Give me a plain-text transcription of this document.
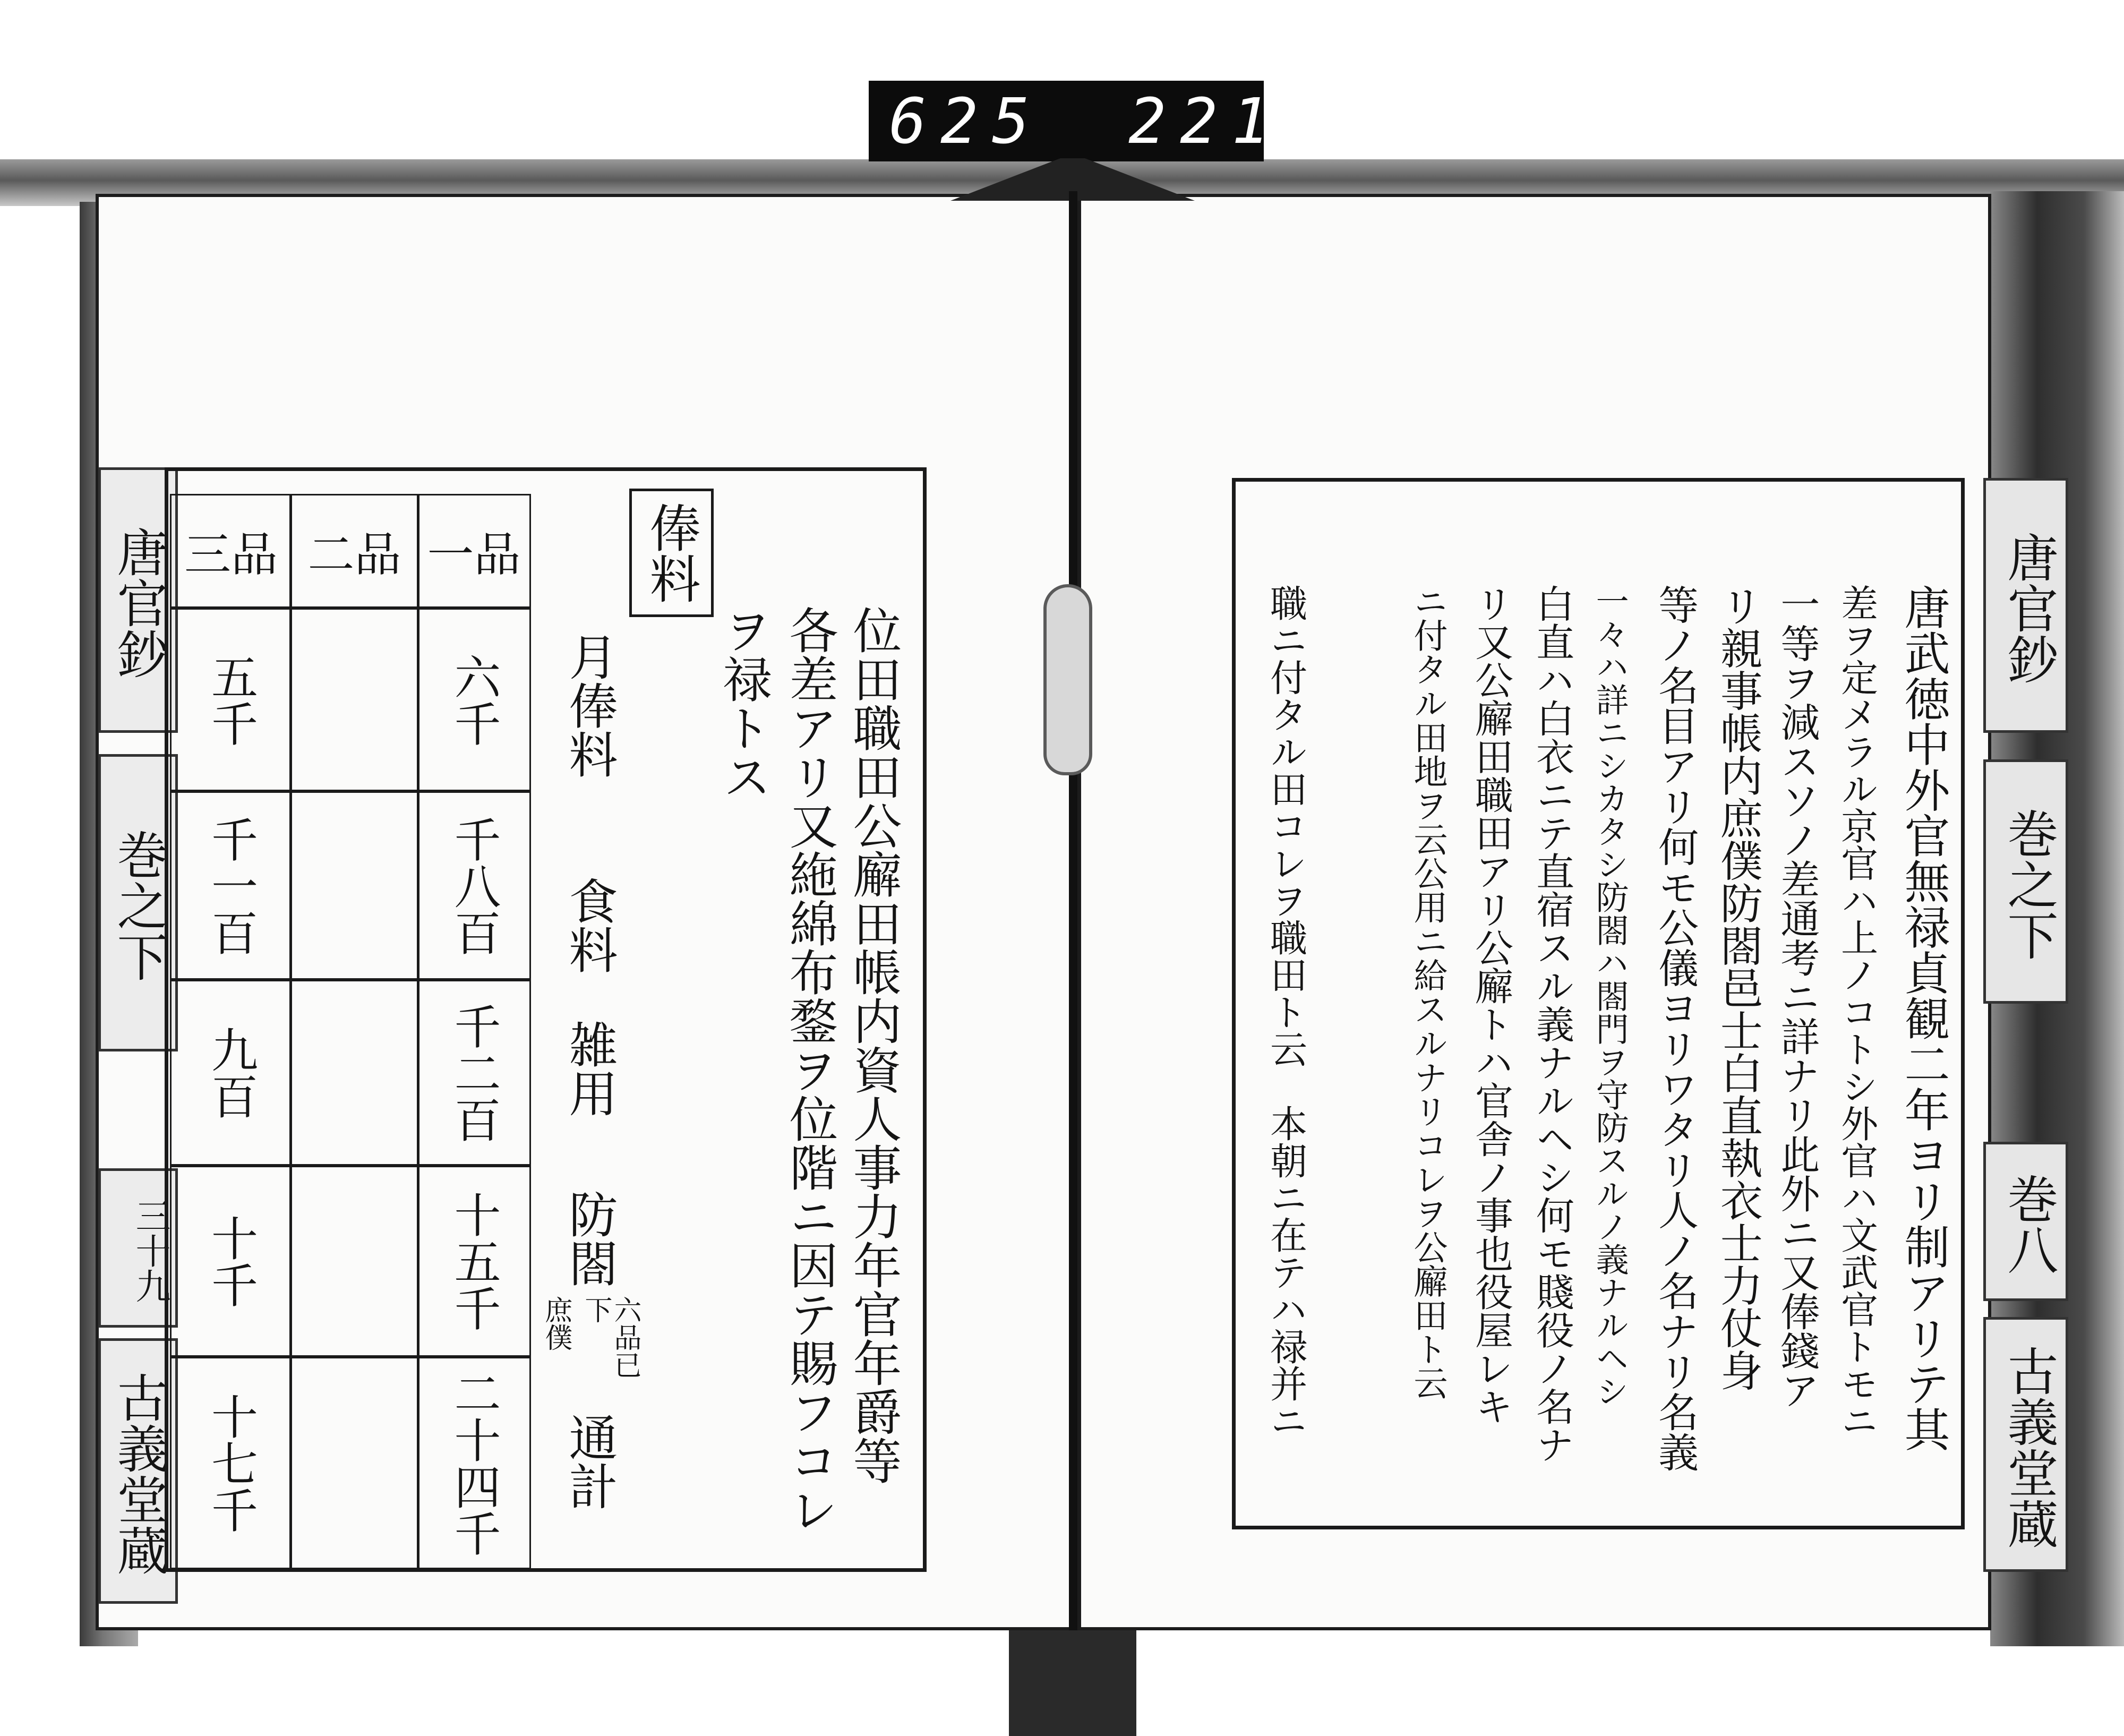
625 221
唐官鈔
巻之下
三十九
古義堂蔵
唐官鈔
巻之下
巻八
古義堂蔵
一品
二品
三品
六千
千八百
千二百
十五千
二十四千
五千
千一百
九百
十千
十七千
俸料
位田職田公廨田帳内資人事力年官年爵等
各差アリ又絁綿布鍪ヲ位階ニ因テ賜フコレ
ヲ禄トス
月俸料
食料
雑用
防閤
六品已
下
庶僕
通計
唐武徳中外官無禄貞観二年ヨリ制アリテ其
差ヲ定メラル京官ハ上ノコトシ外官ハ文武官トモニ
一等ヲ減スソノ差通考ニ詳ナリ此外ニ又俸錢ア
リ親事帳内庶僕防閤邑士白直執衣士力仗身
等ノ名目アリ何モ公儀ヨリワタリ人ノ名ナリ名義
一々ハ詳ニシカタシ防閤ハ閤門ヲ守防スルノ義ナルヘシ
白直ハ白衣ニテ直宿スル義ナルヘシ何モ賤役ノ名ナ
リ又公廨田職田アリ公廨トハ官舎ノ事也役屋レキ
ニ付タル田地ヲ云公用ニ給スルナリコレヲ公廨田ト云
職ニ付タル田コレヲ職田ト云　本朝ニ在テハ禄并ニ
